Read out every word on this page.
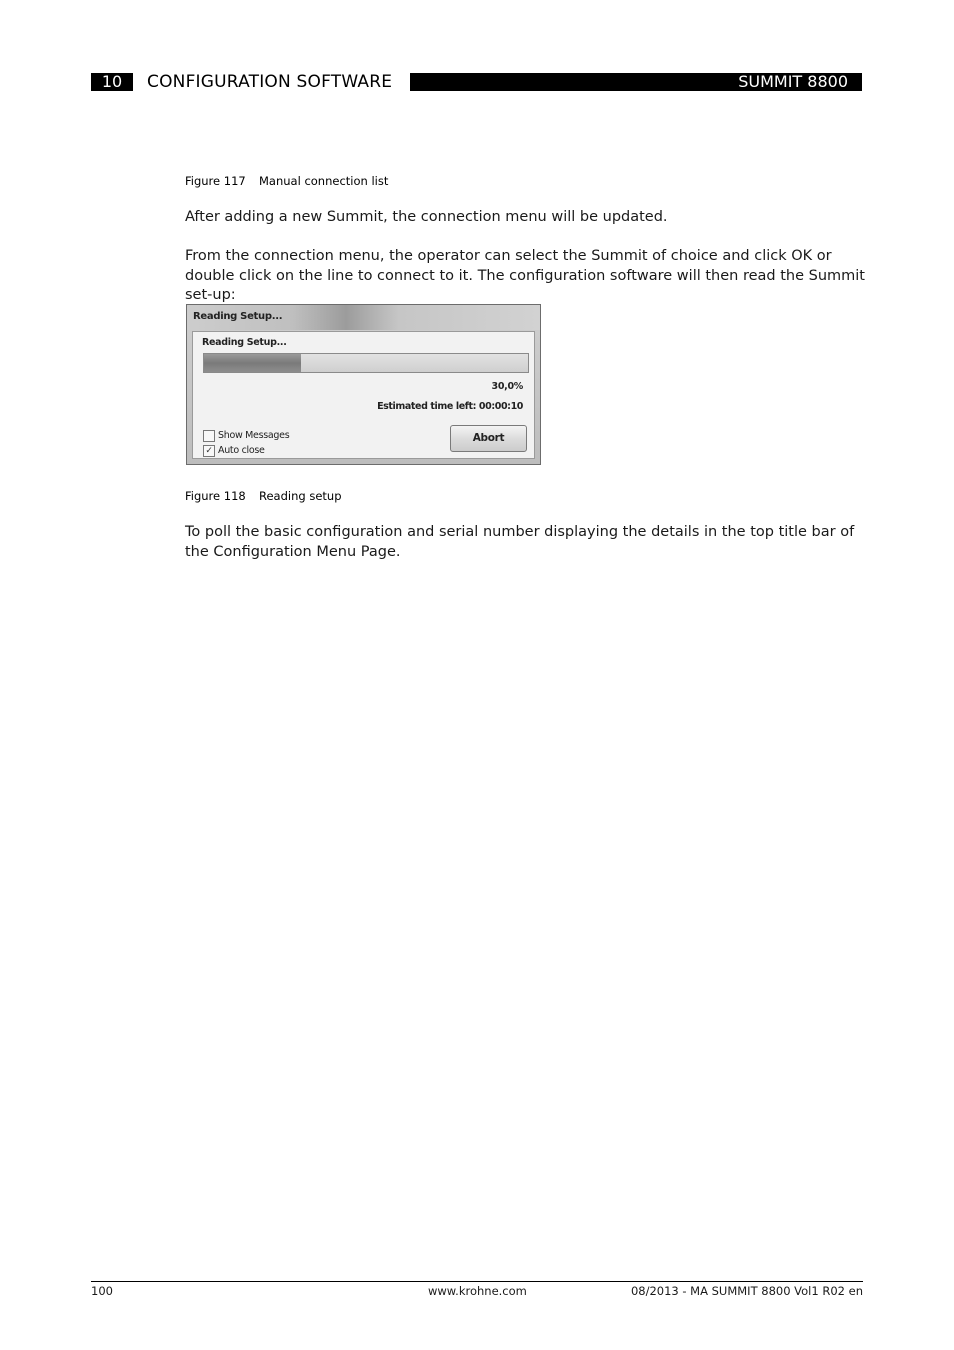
10	CONFIGURATION SOFTWARE	SUMMIT 8800
Figure 117 Manual connection list
After adding a new Summit, the connection menu will be updated.
From the connection menu, the operator can select the Summit of choice and click OK or double click on the line to connect to it. The configuration software will then read the Summit set-up:
Reading Setup...
Reading Setup...
30,0%
Estimated time left: 00:00:10
Show Messages
✓ Auto close
Abort
Figure 118 Reading setup
To poll the basic configuration and serial number displaying the details in the top title bar of the Configuration Menu Page.
100	www.krohne.com	08/2013 - MA SUMMIT 8800 Vol1 R02 en
